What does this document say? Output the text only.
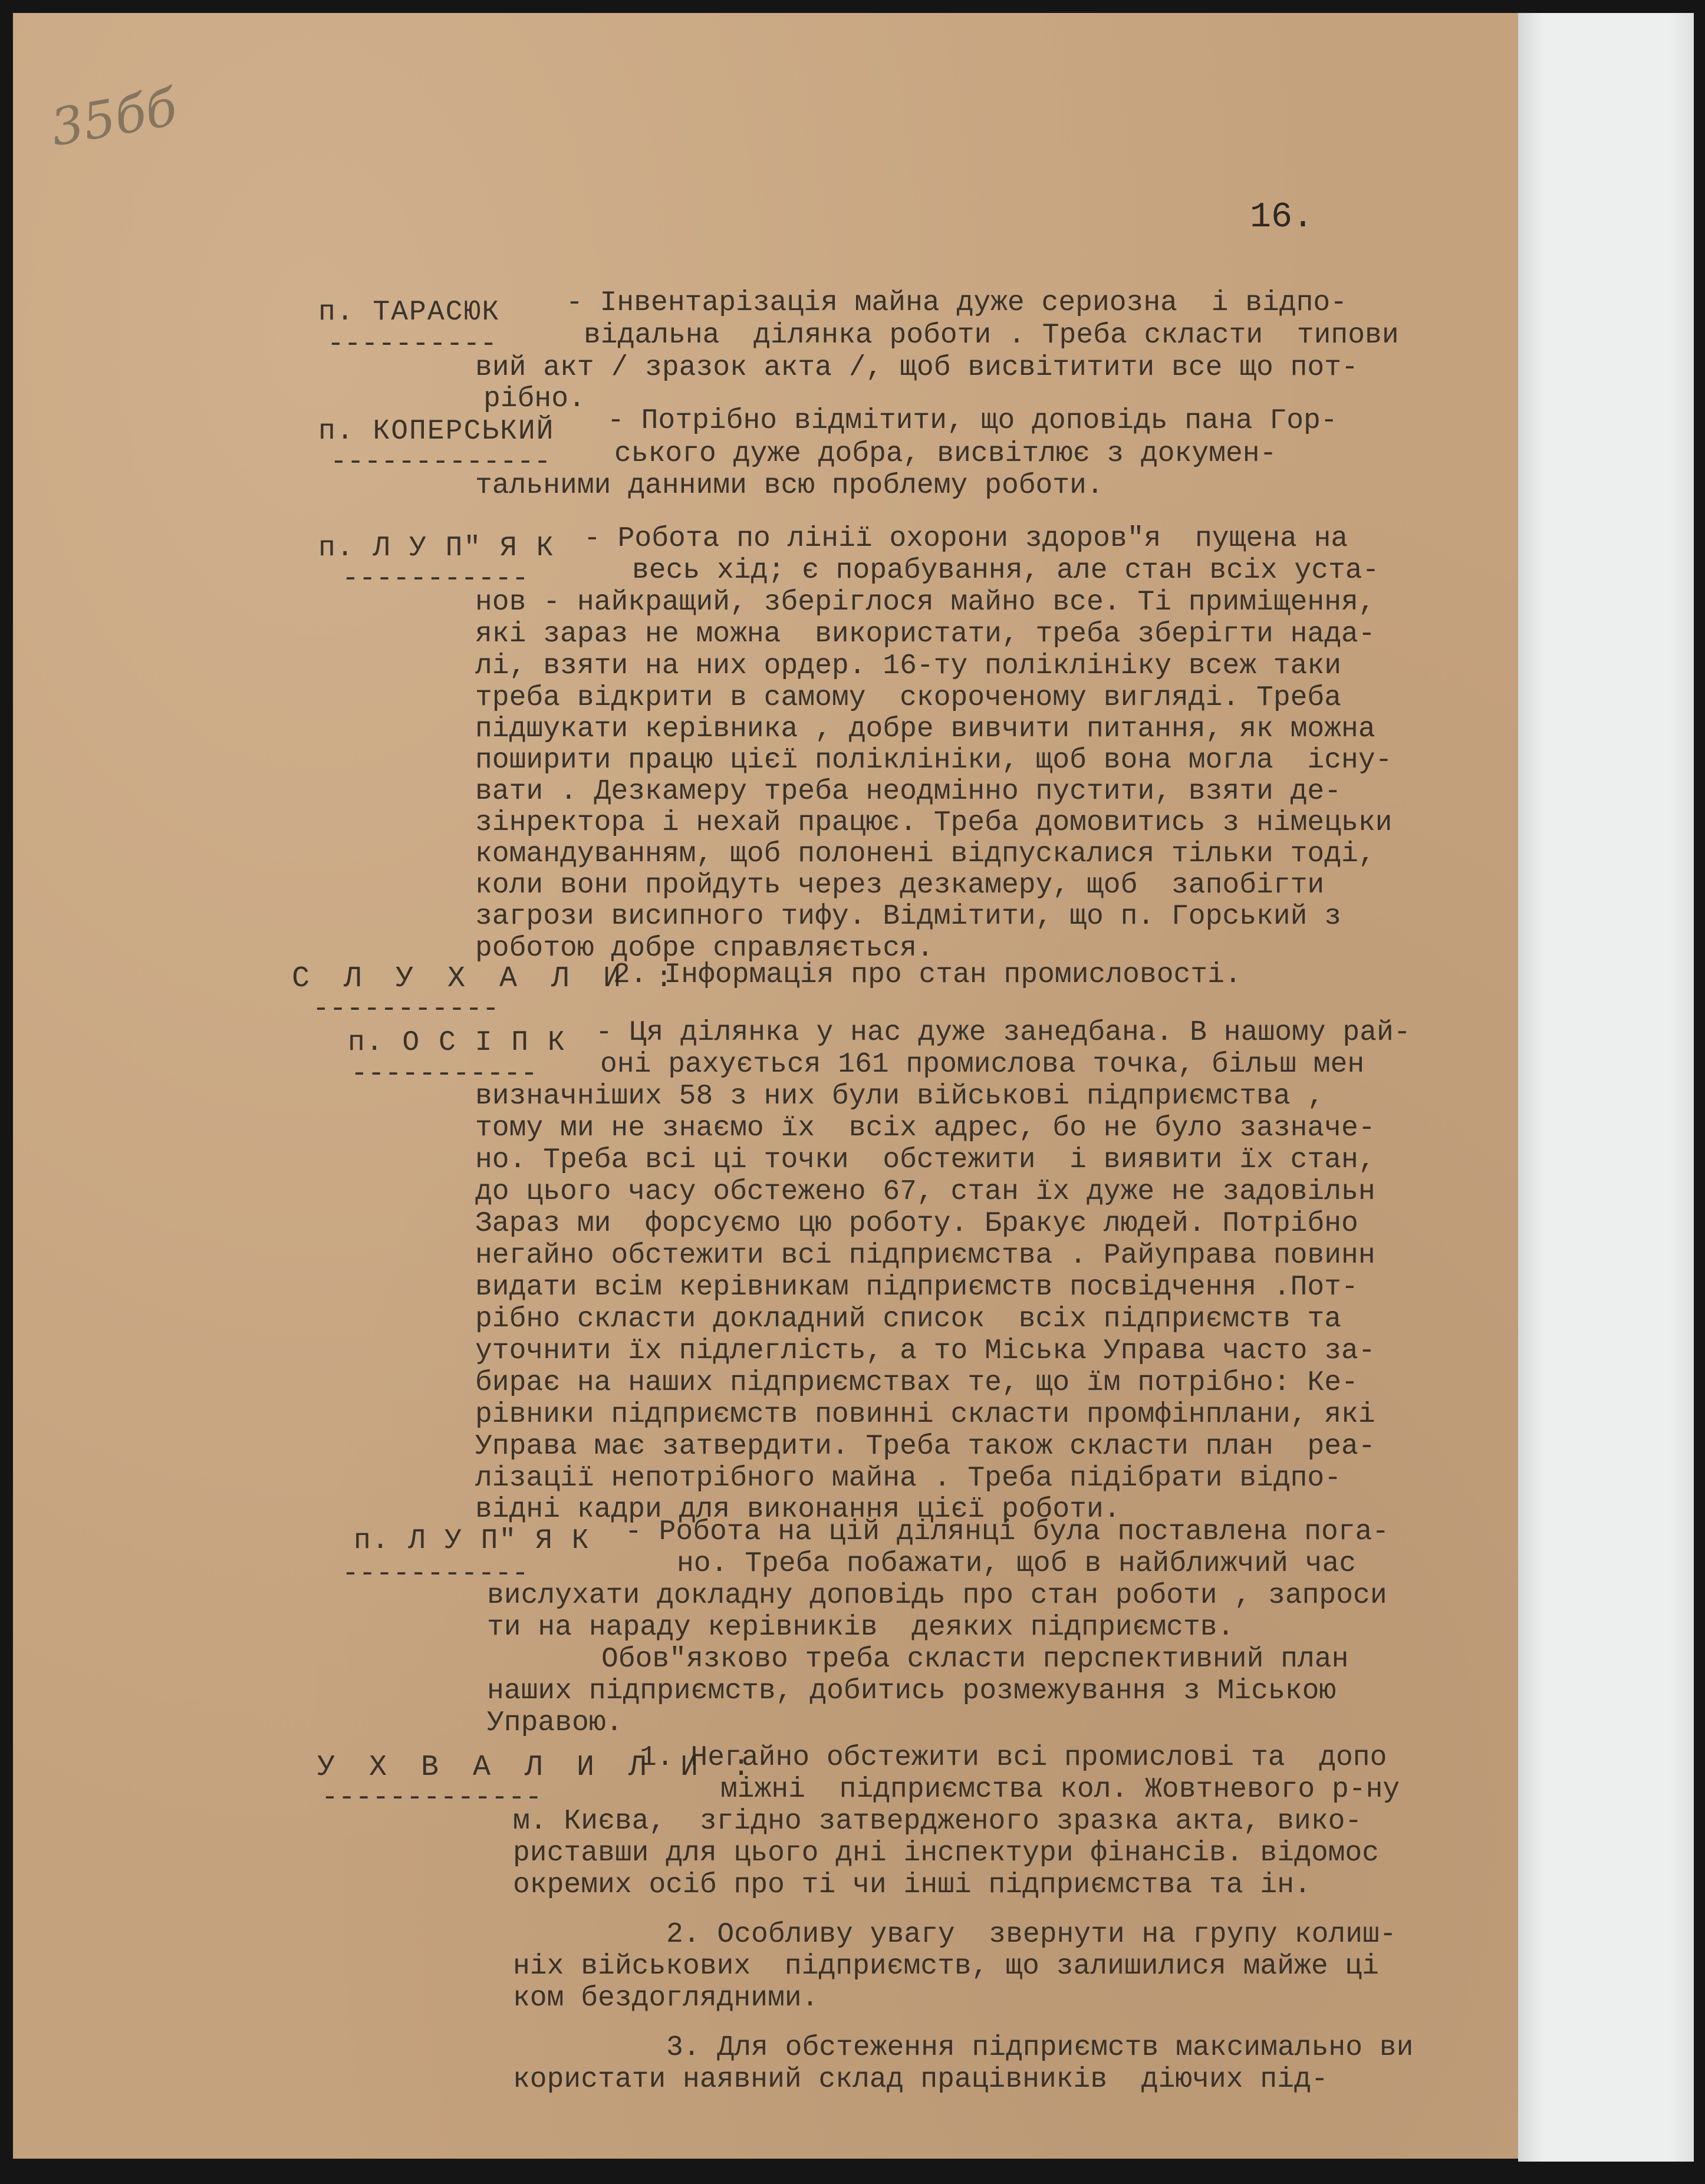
35бб
16.
п. ТАРАСЮК
----------
- Інвентарізація майна дуже сериозна  і відпо-
відальна  ділянка роботи . Треба скласти  типови
вий акт / зразок акта /, щоб висвітитити все що пот-
рібно.
п. КОПЕРСЬКИЙ
-------------
- Потрібно відмітити, що доповідь пана Гор-
ського дуже добра, висвітлює з докумен-
тальними данними всю проблему роботи.
п. Л У П" Я К
-----------
- Робота по лінії охорони здоров"я  пущена на
весь хід; є порабування, але стан всіх уста-
нов - найкращий, зберіглося майно все. Ті приміщення,
які зараз не можна  використати, треба зберігти нада-
лі, взяти на них ордер. 16-ту поліклініку всеж таки
треба відкрити в самому  скороченому вигляді. Треба
підшукати керівника , добре вивчити питання, як можна
поширити працю цієї поліклініки, щоб вона могла  існу-
вати . Дезкамеру треба неодмінно пустити, взяти де-
зінректора і нехай працює. Треба домовитись з німецьки
командуванням, щоб полонені відпускалися тільки тоді,
коли вони пройдуть через дезкамеру, щоб  запобігти
загрози висипного тифу. Відмітити, що п. Горський з
роботою добре справляється.
С Л У Х А Л И :
-----------
2. Інформація про стан промисловості.
п. О С І П К
-----------
- Ця ділянка у нас дуже занедбана. В нашому рай-
оні рахується 161 промислова точка, більш мен
визначніших 58 з них були військові підприємства ,
тому ми не знаємо їх  всіх адрес, бо не було зазначе-
но. Треба всі ці точки  обстежити  і виявити їх стан,
до цього часу обстежено 67, стан їх дуже не задовільн
Зараз ми  форсуємо цю роботу. Бракує людей. Потрібно
негайно обстежити всі підприємства . Райуправа повинн
видати всім керівникам підприємств посвідчення .Пот-
рібно скласти докладний список  всіх підприємств та
уточнити їх підлеглість, а то Міська Управа часто за-
бирає на наших підприємствах те, що їм потрібно: Ке-
рівники підприємств повинні скласти промфінплани, які
Управа має затвердити. Треба також скласти план  реа-
лізації непотрібного майна . Треба підібрати відпо-
відні кадри для виконання цієї роботи.
п. Л У П" Я К
-----------
- Робота на цій ділянці була поставлена пога-
но. Треба побажати, щоб в найближчий час
вислухати докладну доповідь про стан роботи , запроси
ти на нараду керівників  деяких підприємств.
Обов"язково треба скласти перспективний план
наших підприємств, добитись розмежування з Міською
Управою.
У Х В А Л И Л И :
-------------
1. Негайно обстежити всі промислові та  допо
міжні  підприємства кол. Жовтневого р-ну
м. Києва,  згідно затвердженого зразка акта, вико-
риставши для цього дні інспектури фінансів. відомос
окремих осіб про ті чи інші підприємства та ін.
2. Особливу увагу  звернути на групу колиш-
ніх військових  підприємств, що залишилися майже ці
ком бездоглядними.
3. Для обстеження підприємств максимально ви
користати наявний склад працівників  діючих під-
